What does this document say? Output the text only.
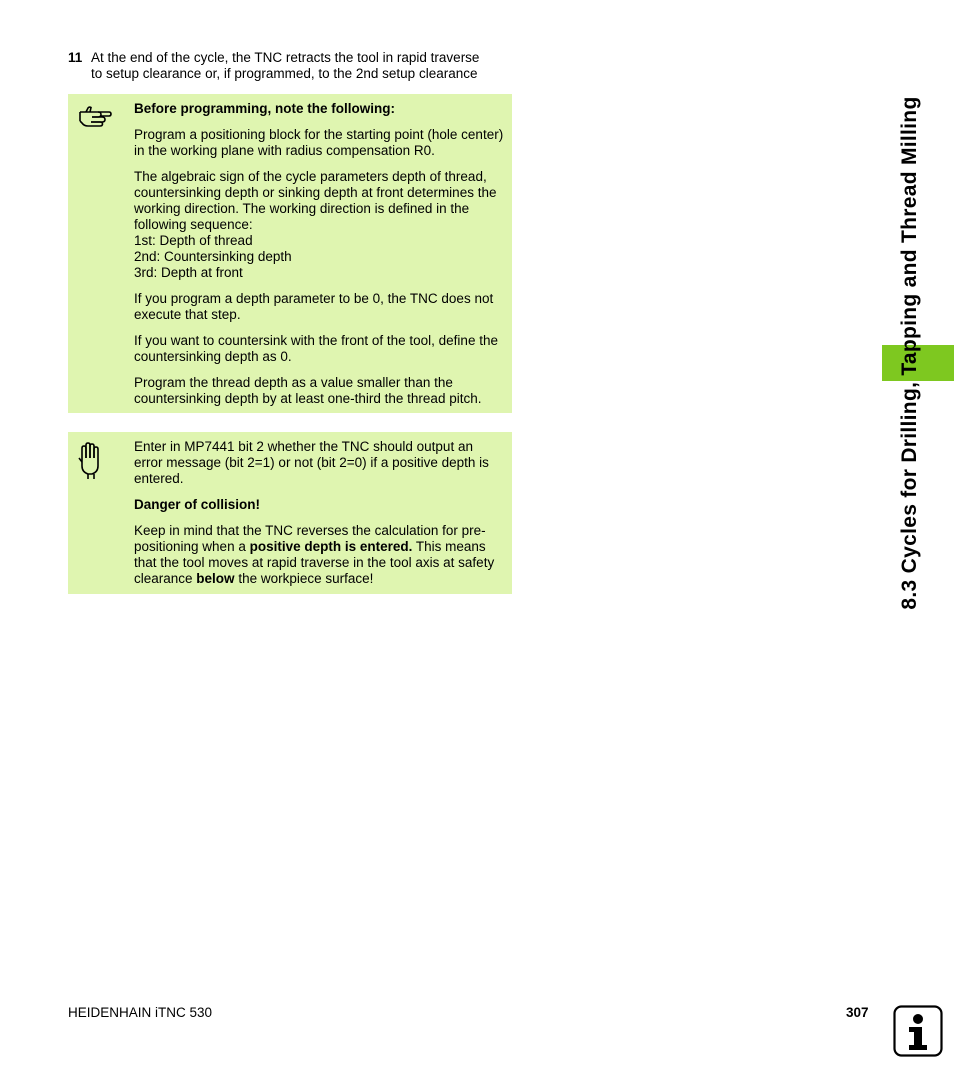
11 At the end of the cycle, the TNC retracts the tool in rapid traverse
to setup clearance or, if programmed, to the 2nd setup clearance

Before programming, note the following:

Program a positioning block for the starting point (hole center) in the working plane with radius compensation R0.

The algebraic sign of the cycle parameters depth of thread, countersinking depth or sinking depth at front determines the working direction. The working direction is defined in the following sequence:
1st: Depth of thread
2nd: Countersinking depth
3rd: Depth at front

If you program a depth parameter to be 0, the TNC does not execute that step.

If you want to countersink with the front of the tool, define the countersinking depth as 0.

Program the thread depth as a value smaller than the countersinking depth by at least one-third the thread pitch.

Enter in MP7441 bit 2 whether the TNC should output an error message (bit 2=1) or not (bit 2=0) if a positive depth is entered.

Danger of collision!

Keep in mind that the TNC reverses the calculation for pre-positioning when a positive depth is entered. This means that the tool moves at rapid traverse in the tool axis at safety clearance below the workpiece surface!	8.3 Cycles for Drilling, Tapping and Thread Milling
HEIDENHAIN iTNC 530	307
